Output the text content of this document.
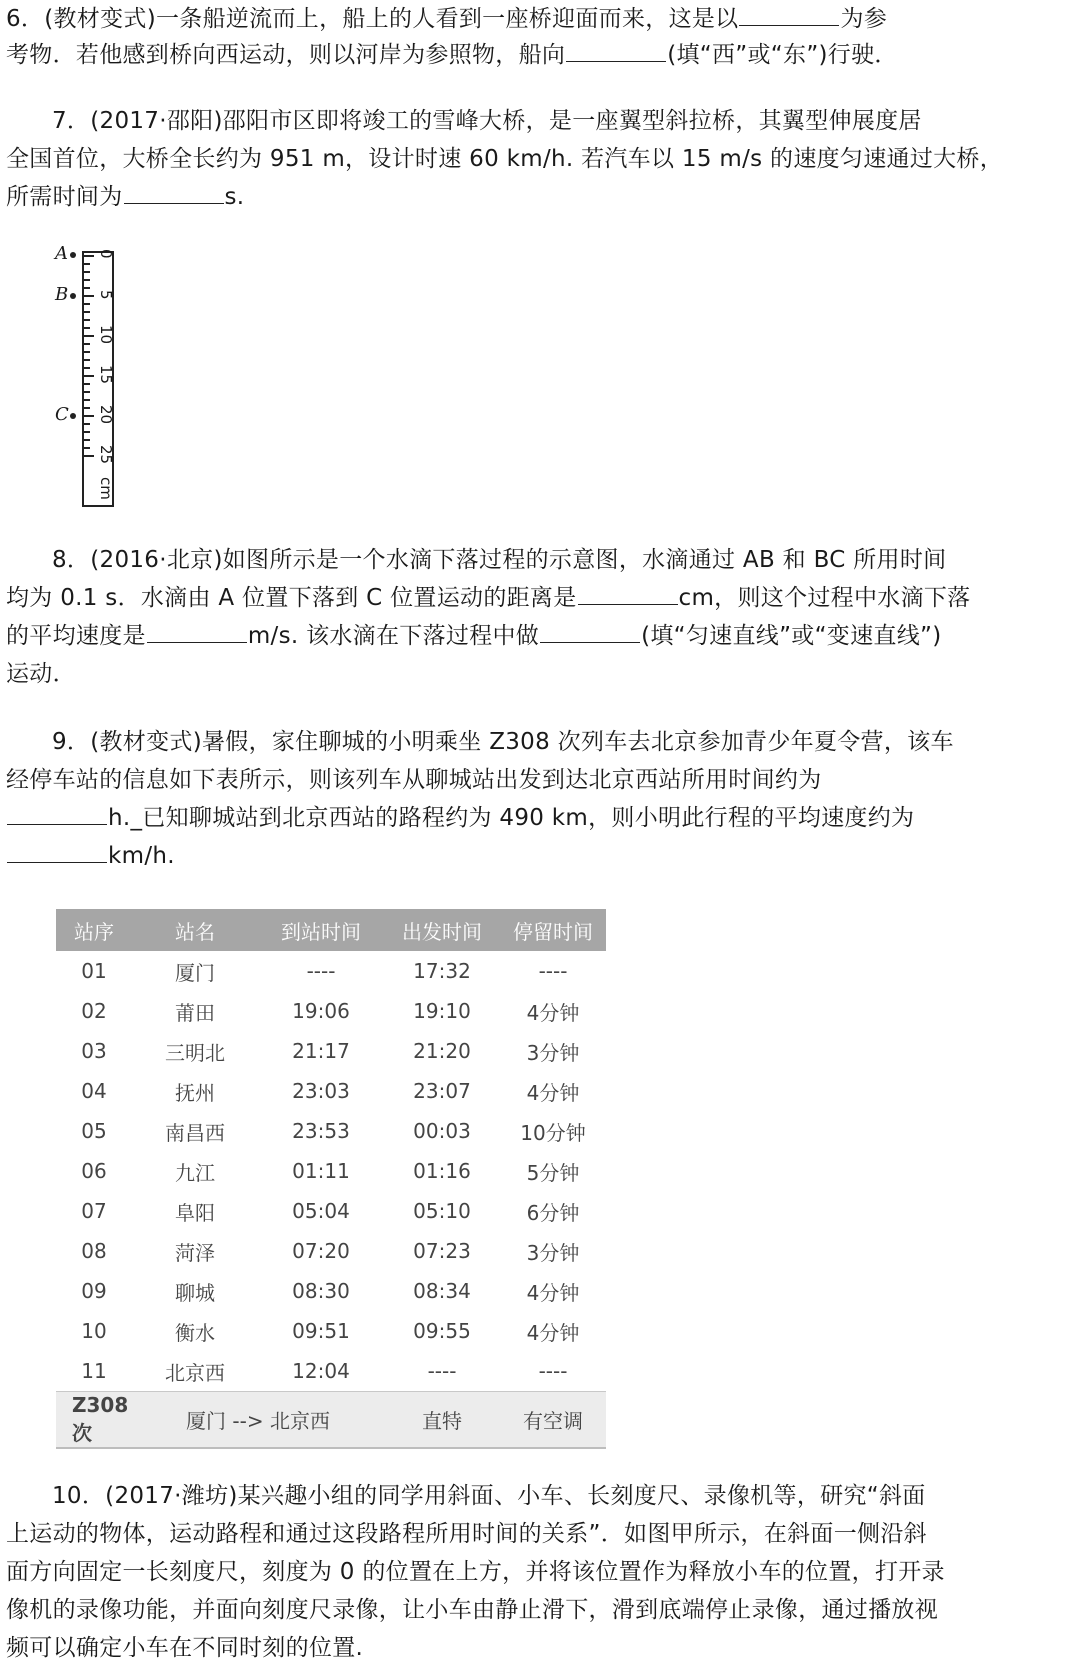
6．(教材变式)一条船逆流而上，船上的人看到一座桥迎面而来，这是以	为参

考物．若他感到桥向西运动，则以河岸为参照物，船向	(填“西”或“东”)行驶．

7．(2017·邵阳)邵阳市区即将竣工的雪峰大桥，是一座翼型斜拉桥，其翼型伸展度居

全国首位，大桥全长约为 951 m，设计时速 60 km/h. 若汽车以 15 m/s 的速度匀速通过大桥，

所需时间为	s.

A
B
C
0
5
10
15
20
25
cm

8．(2016·北京)如图所示是一个水滴下落过程的示意图，水滴通过 AB 和 BC 所用时间

均为 0.1 s．水滴由 A 位置下落到 C 位置运动的距离是	cm，则这个过程中水滴下落

的平均速度是	m/s. 该水滴在下落过程中做	(填“匀速直线”或“变速直线”)

运动．

9．(教材变式)暑假，家住聊城的小明乘坐 Z308 次列车去北京参加青少年夏令营，该车

经停车站的信息如下表所示，则该列车从聊城站出发到达北京西站所用时间约为

h._已知聊城站到北京西站的路程约为 490 km，则小明此行程的平均速度约为

km/h.

站序	站名	到站时间	出发时间	停留时间
01	厦门	----	17:32	----
02	莆田	19:06	19:10	4分钟
03	三明北	21:17	21:20	3分钟
04	抚州	23:03	23:07	4分钟
05	南昌西	23:53	00:03	10分钟
06	九江	01:11	01:16	5分钟
07	阜阳	05:04	05:10	6分钟
08	菏泽	07:20	07:23	3分钟
09	聊城	08:30	08:34	4分钟
10	衡水	09:51	09:55	4分钟
11	北京西	12:04	----	----
Z308次	厦门 --> 北京西		直特	有空调

10．(2017·潍坊)某兴趣小组的同学用斜面、小车、长刻度尺、录像机等，研究“斜面

上运动的物体，运动路程和通过这段路程所用时间的关系”．如图甲所示，在斜面一侧沿斜

面方向固定一长刻度尺，刻度为 0 的位置在上方，并将该位置作为释放小车的位置，打开录

像机的录像功能，并面向刻度尺录像，让小车由静止滑下，滑到底端停止录像，通过播放视

频可以确定小车在不同时刻的位置.
